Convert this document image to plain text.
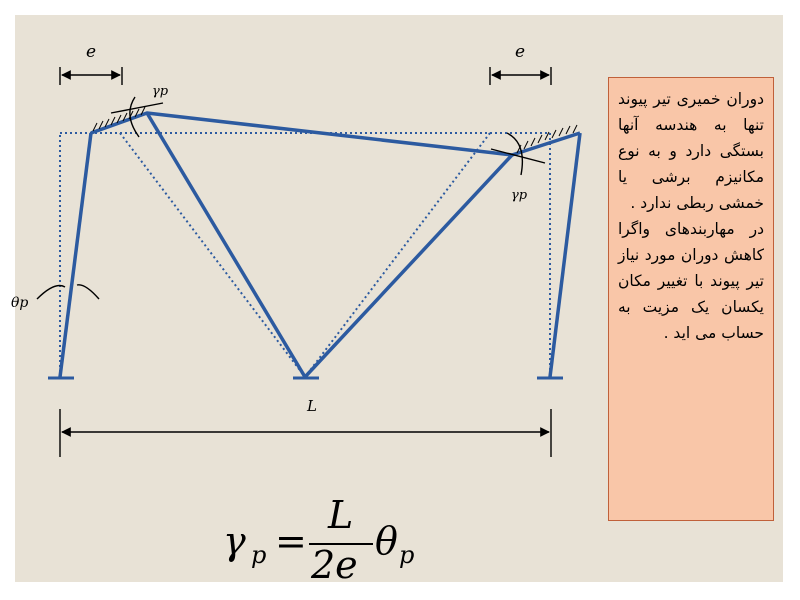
e	e
γp
γp
θp
L

دوران خمیری تیر پیوند تنها به هندسه آنها بستگی دارد و به نوع مکانیزم برشی یا خمشی ربطی ندارد .

در مهاربندهای واگرا کاهش دوران مورد نیاز تیر پیوند با تغییر مکان یکسان یک مزیت به حساب می اید .

γ p =
L
2e
θ p
